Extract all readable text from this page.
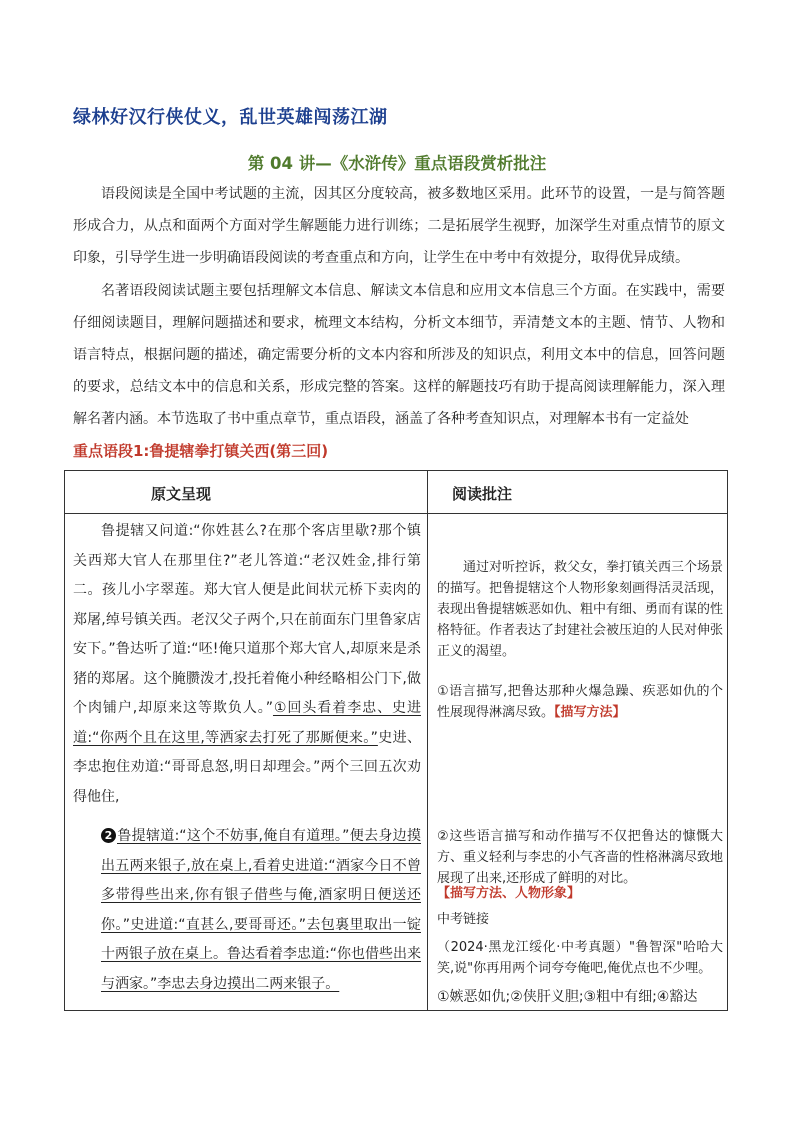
绿林好汉行侠仗义，乱世英雄闯荡江湖
第 04 讲—《水浒传》重点语段赏析批注

语段阅读是全国中考试题的主流，因其区分度较高，被多数地区采用。此环节的设置，一是与简答题形成合力，从点和面两个方面对学生解题能力进行训练；二是拓展学生视野，加深学生对重点情节的原文印象，引导学生进一步明确语段阅读的考查重点和方向，让学生在中考中有效提分，取得优异成绩。

名著语段阅读试题主要包括理解文本信息、解读文本信息和应用文本信息三个方面。在实践中，需要仔细阅读题目，理解问题描述和要求，梳理文本结构，分析文本细节，弄清楚文本的主题、情节、人物和语言特点，根据问题的描述，确定需要分析的文本内容和所涉及的知识点，利用文本中的信息，回答问题的要求，总结文本中的信息和关系，形成完整的答案。这样的解题技巧有助于提高阅读理解能力，深入理解名著内涵。本节选取了书中重点章节，重点语段，涵盖了各种考查知识点，对理解本书有一定益处

重点语段1:鲁提辖拳打镇关西(第三回)
原文呈现	阅读批注

鲁提辖又问道:“你姓甚么?在那个客店里歇?那个镇关西郑大官人在那里住?”老儿答道:“老汉姓金,排行第二。孩儿小字翠莲。郑大官人便是此间状元桥下卖肉的郑屠,绰号镇关西。老汉父子两个,只在前面东门里鲁家店安下。”鲁达听了道:“呸!俺只道那个郑大官人,却原来是杀猪的郑屠。这个腌臜泼才,投托着俺小种经略相公门下,做个肉铺户,却原来这等欺负人。”①回头看着李忠、史进道:“你两个且在这里,等洒家去打死了那厮便来。”史进、李忠抱住劝道:“哥哥息怒,明日却理会。”两个三回五次劝得他住,

2 鲁提辖道:“这个不妨事,俺自有道理。”便去身边摸出五两来银子,放在桌上,看着史进道:“酒家今日不曾多带得些出来,你有银子借些与俺,酒家明日便送还你。”史进道:“直甚么,要哥哥还。”去包裏里取出一锭十两银子放在桌上。鲁达看着李忠道:“你也借些出来与洒家。”李忠去身边摸出二两来银子。

通过对听控诉，救父女，拳打镇关西三个场景的描写。把鲁提辖这个人物形象刻画得活灵活现，表现出鲁提辖嫉恶如仇、粗中有细、勇而有谋的性格特征。作者表达了封建社会被压迫的人民对伸张正义的渴望。
①语言描写,把鲁达那种火爆急躁、疾恶如仇的个性展现得淋漓尽致。【描写方法】
②这些语言描写和动作描写不仅把鲁达的慷慨大方、重义轻利与李忠的小气吝啬的性格淋漓尽致地展现了出来,还形成了鲜明的对比。
【描写方法、人物形象】
中考链接
（2024·黑龙江绥化·中考真题）"鲁智深"哈哈大笑,说"你再用两个词夸夸俺吧,俺优点也不少哩。
①嫉恶如仇;②侠肝义胆;③粗中有细;④豁达
